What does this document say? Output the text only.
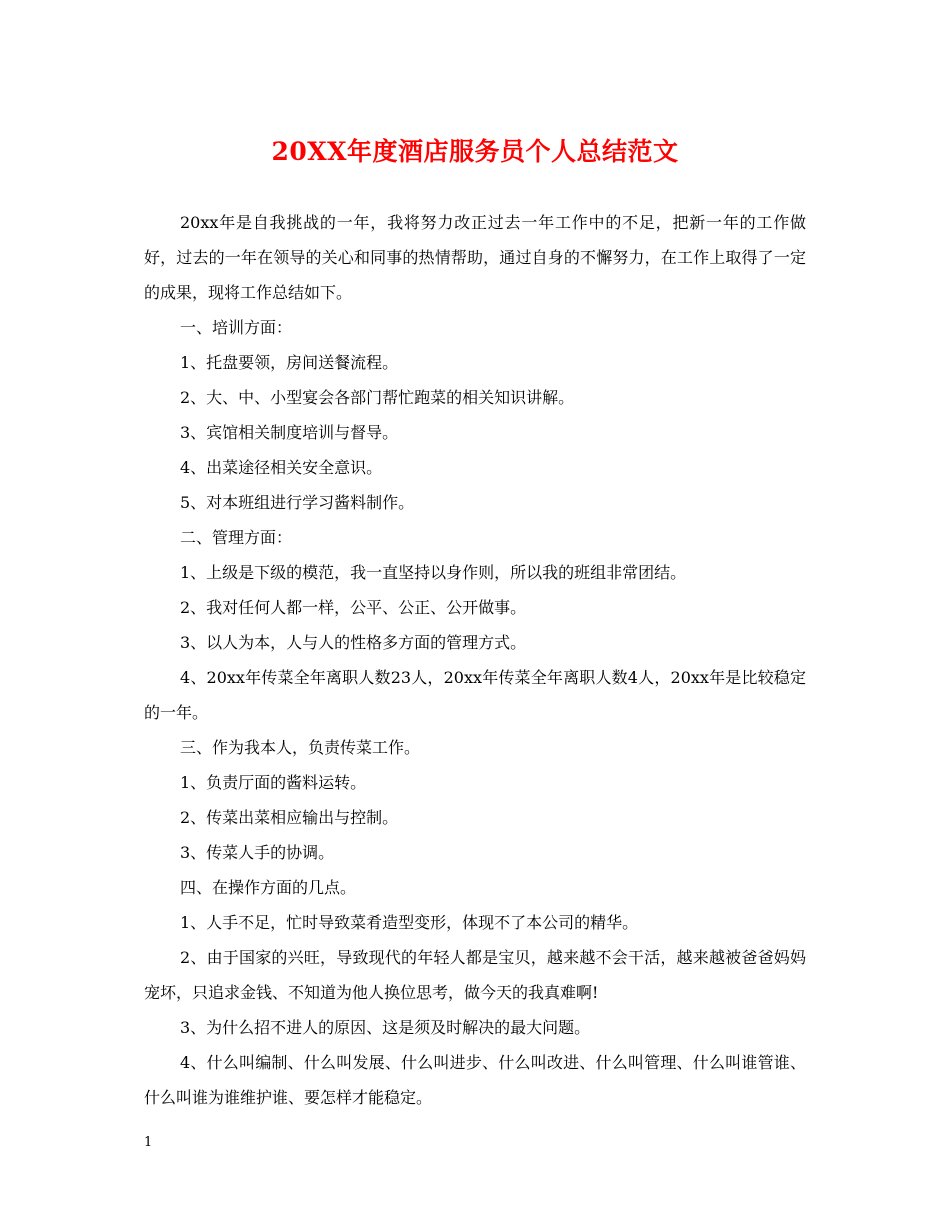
20XX年度酒店服务员个人总结范文

20xx年是自我挑战的一年，我将努力改正过去一年工作中的不足，把新一年的工作做好，过去的一年在领导的关心和同事的热情帮助，通过自身的不懈努力，在工作上取得了一定的成果，现将工作总结如下。

一、培训方面：

1、托盘要领，房间送餐流程。

2、大、中、小型宴会各部门帮忙跑菜的相关知识讲解。

3、宾馆相关制度培训与督导。

4、出菜途径相关安全意识。

5、对本班组进行学习酱料制作。

二、管理方面：

1、上级是下级的模范，我一直坚持以身作则，所以我的班组非常团结。

2、我对任何人都一样，公平、公正、公开做事。

3、以人为本，人与人的性格多方面的管理方式。

4、20xx年传菜全年离职人数23人，20xx年传菜全年离职人数4人，20xx年是比较稳定的一年。

三、作为我本人，负责传菜工作。

1、负责厅面的酱料运转。

2、传菜出菜相应输出与控制。

3、传菜人手的协调。

四、在操作方面的几点。

1、人手不足，忙时导致菜肴造型变形，体现不了本公司的精华。

2、由于国家的兴旺，导致现代的年轻人都是宝贝，越来越不会干活，越来越被爸爸妈妈宠坏，只追求金钱、不知道为他人换位思考，做今天的我真难啊!

3、为什么招不进人的原因、这是须及时解决的最大问题。

4、什么叫编制、什么叫发展、什么叫进步、什么叫改进、什么叫管理、什么叫谁管谁、什么叫谁为谁维护谁、要怎样才能稳定。

1
